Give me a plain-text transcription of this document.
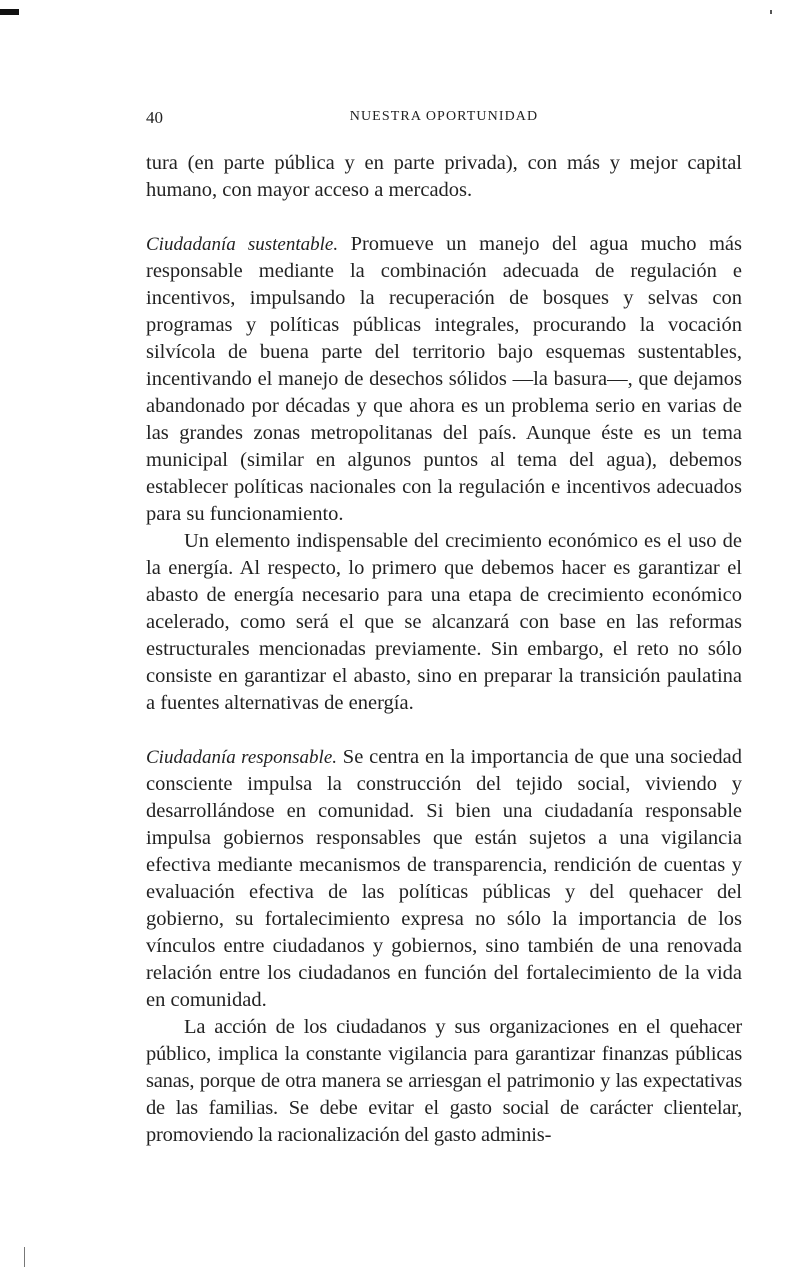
40	NUESTRA OPORTUNIDAD

tura (en parte pública y en parte privada), con más y mejor capital humano, con mayor acceso a mercados.

Ciudadanía sustentable. Promueve un manejo del agua mucho más responsable mediante la combinación adecuada de regulación e incentivos, impulsando la recuperación de bosques y selvas con programas y políticas públicas integrales, procurando la vocación silvícola de buena parte del territorio bajo esquemas sustentables, incentivando el manejo de desechos sólidos —la basura—, que dejamos abandonado por décadas y que ahora es un problema serio en varias de las grandes zonas metropolitanas del país. Aunque éste es un tema municipal (similar en algunos puntos al tema del agua), debemos establecer políticas nacionales con la regulación e incentivos adecuados para su funcionamiento.

Un elemento indispensable del crecimiento económico es el uso de la energía. Al respecto, lo primero que debemos hacer es garantizar el abasto de energía necesario para una etapa de crecimiento económico acelerado, como será el que se alcanzará con base en las reformas estructurales mencionadas previamente. Sin embargo, el reto no sólo consiste en garantizar el abasto, sino en preparar la transición paulatina a fuentes alternativas de energía.

Ciudadanía responsable. Se centra en la importancia de que una sociedad consciente impulsa la construcción del tejido social, viviendo y desarrollándose en comunidad. Si bien una ciudadanía responsable impulsa gobiernos responsables que están sujetos a una vigilancia efectiva mediante mecanismos de transparencia, rendición de cuentas y evaluación efectiva de las políticas públicas y del quehacer del gobierno, su fortalecimiento expresa no sólo la importancia de los vínculos entre ciudadanos y gobiernos, sino también de una renovada relación entre los ciudadanos en función del fortalecimiento de la vida en comunidad.

La acción de los ciudadanos y sus organizaciones en el quehacer público, implica la constante vigilancia para garantizar finanzas públicas sanas, porque de otra manera se arriesgan el patrimonio y las expectativas de las familias. Se debe evitar el gasto social de carácter clientelar, promoviendo la racionalización del gasto adminis-
